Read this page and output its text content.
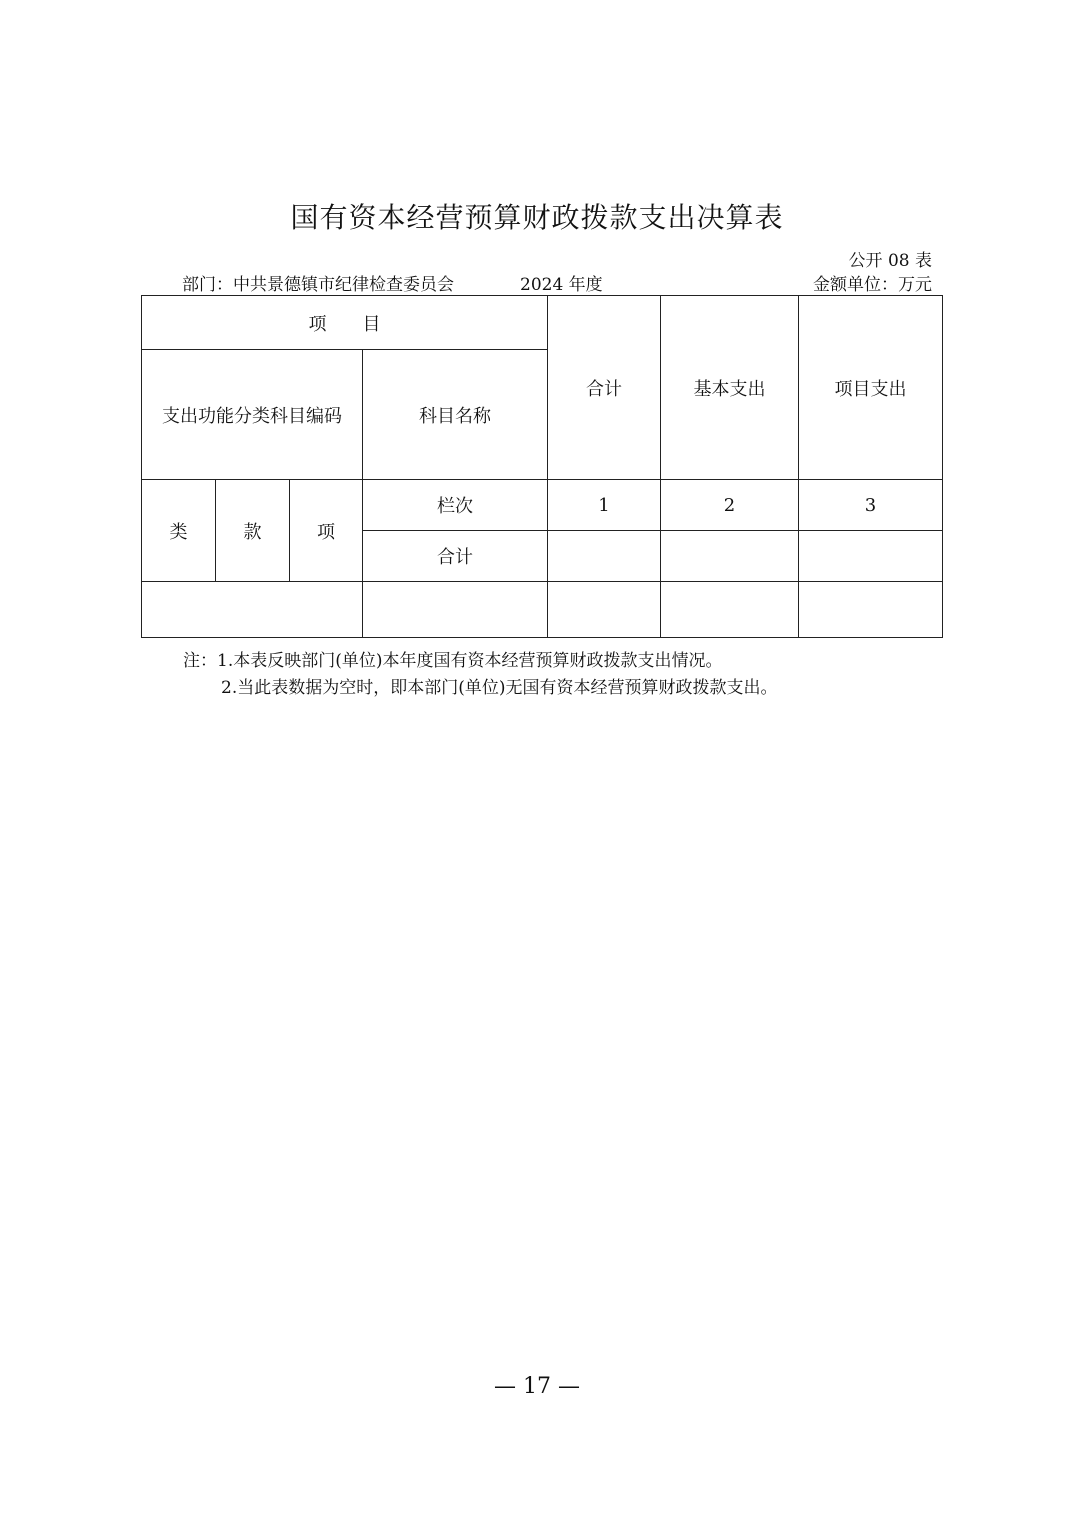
国有资本经营预算财政拨款支出决算表
公开 08 表
部门：中共景德镇市纪律检查委员会	2024 年度	金额单位：万元
项　　目				合计	基本支出	项目支出
支出功能分类科目编码			科目名称			
类	款	项	栏次	1	2	3
			合计			

注：1.本表反映部门(单位)本年度国有资本经营预算财政拨款支出情况。
2.当此表数据为空时，即本部门(单位)无国有资本经营预算财政拨款支出。
— 17 —
